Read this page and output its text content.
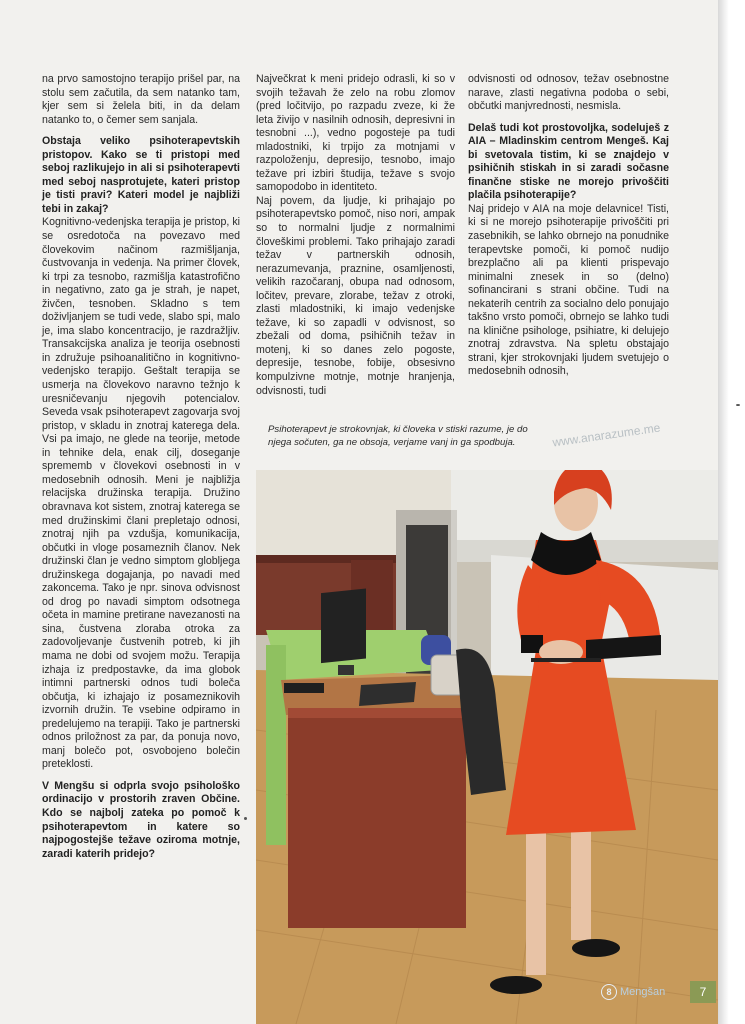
na prvo samostojno terapijo prišel par, na stolu sem začutila, da sem natanko tam, kjer sem si želela biti, in da delam natanko to, o čemer sem sanjala.

Obstaja veliko psihoterapevtskih pristopov. Kako se ti pristopi med seboj razlikujejo in ali si psihoterapevti med seboj nasprotujete, kateri pristop je tisti pravi? Kateri model je najbliži tebi in zakaj?

Kognitivno-vedenjska terapija je pristop, ki se osredotoča na povezavo med človekovim načinom razmišljanja, čustvovanja in vedenja. Na primer človek, ki trpi za tesnobo, razmišlja katastrofično in negativno, zato ga je strah, je napet, živčen, tesnoben. Skladno s tem doživljanjem se tudi vede, slabo spi, malo je, ima slabo koncentracijo, je razdražljiv. Transakcijska analiza je teorija osebnosti in združuje psihoanalitično in kognitivno-vedenjsko terapijo. Geštalt terapija se usmerja na človekovo naravno težnjo k uresničevanju njegovih potencialov. Seveda vsak psihoterapevt zagovarja svoj pristop, v skladu in znotraj katerega dela. Vsi pa imajo, ne glede na teorije, metode in tehnike dela, enak cilj, doseganje sprememb v človekovi osebnosti in v medosebnih odnosih. Meni je najbližja relacijska družinska terapija. Družino obravnava kot sistem, znotraj katerega se med družinskimi člani prepletajo odnosi, znotraj njih pa vzdušja, komunikacija, občutki in vloge posameznih članov. Nek družinski član je vedno simptom globljega družinskega dogajanja, po navadi med zakoncema. Tako je npr. sinova odvisnost od drog po navadi simptom odsotnega očeta in mamine pretirane navezanosti na sina, čustvena zloraba otroka za zadovoljevanje čustvenih potreb, ki jih mama ne dobi od svojem možu. Terapija izhaja iz predpostavke, da ima globok intimni partnerski odnos tudi boleča občutja, ki izhajajo iz posameznikovih izvornih družin. Te vsebine odpiramo in predelujemo na terapiji. Tako je partnerski odnos priložnost za par, da ponuja novo, manj bolečo pot, osvobojeno bolečin preteklosti.

V Mengšu si odprla svojo psihološko ordinacijo v prostorih zraven Občine. Kdo se najbolj zateka po pomoč k psihoterapevtom in katere so najpogostejše težave oziroma motnje, zaradi katerih pridejo?

Največkrat k meni pridejo odrasli, ki so v svojih težavah že zelo na robu zlomov (pred ločitvijo, po razpadu zveze, ki že leta živijo v nasilnih odnosih, depresivni in tesnobni ...), vedno pogosteje pa tudi mladostniki, ki trpijo za motnjami v razpoloženju, depresijo, tesnobo, imajo težave pri izbiri študija, težave s svojo samopodobo in identiteto.

Naj povem, da ljudje, ki prihajajo po psihoterapevtsko pomoč, niso nori, ampak so to normalni ljudje z normalnimi človeškimi problemi. Tako prihajajo zaradi težav v partnerskih odnosih, nerazumevanja, praznine, osamljenosti, velikih razočaranj, obupa nad odnosom, ločitev, prevare, zlorabe, težav z otroki, zlasti mladostniki, ki imajo vedenjske težave, ki so zapadli v odvisnost, so zbežali od doma, psihičnih težav in motenj, ki so danes zelo pogoste, depresije, tesnobe, fobije, obsesivno kompulzivne motnje, motnje hranjenja, odvisnosti, tudi

odvisnosti od odnosov, težav osebnostne narave, zlasti negativna podoba o sebi, občutki manjvrednosti, nesmisla.

Delaš tudi kot prostovoljka, sodeluješ z AIA – Mladinskim centrom Mengeš. Kaj bi svetovala tistim, ki se znajdejo v psihičnih stiskah in si zaradi sočasne finančne stiske ne morejo privoščiti plačila psihoterapije?

Naj pridejo v AIA na moje delavnice! Tisti, ki si ne morejo psihoterapije privoščiti pri zasebnikih, se lahko obrnejo na ponudnike terapevtske pomoči, ki pomoč nudijo brezplačno ali pa klienti prispevajo minimalni znesek in so (delno) sofinancirani s strani občine. Tudi na nekaterih centrih za socialno delo ponujajo takšno vrsto pomoči, obrnejo se lahko tudi na klinične psihologe, psihiatre, ki delujejo znotraj zdravstva. Na spletu obstajajo strani, kjer strokovnjaki ljudem svetujejo o medosebnih odnosih,

Psihoterapevt je strokovnjak, ki človeka v stiski razume, je do njega sočuten, ga ne obsoja, verjame vanj in ga spodbuja.	www.anarazume.me
8 Mengšan	7
